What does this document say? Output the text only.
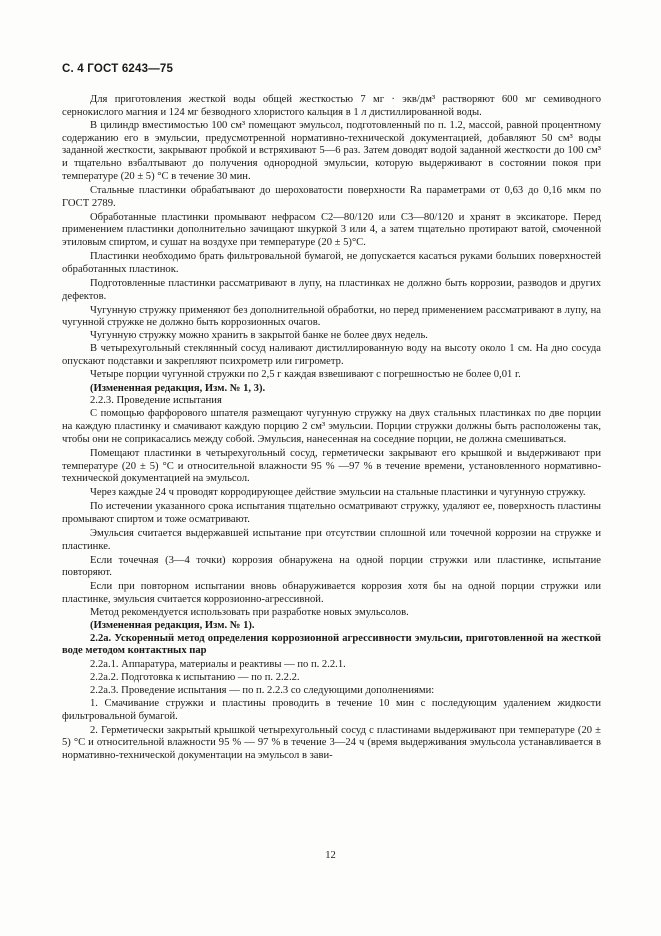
С. 4 ГОСТ 6243—75

Для приготовления жесткой воды общей жесткостью 7 мг · экв/дм³ растворяют 600 мг семиводного сернокислого магния и 124 мг безводного хлористого кальция в 1 л дистиллированной воды.

В цилиндр вместимостью 100 см³ помещают эмульсол, подготовленный по п. 1.2, массой, равной процентному содержанию его в эмульсии, предусмотренной нормативно-технической документацией, добавляют 50 см³ воды заданной жесткости, закрывают пробкой и встряхивают 5—6 раз. Затем доводят водой заданной жесткости до 100 см³ и тщательно взбалтывают до получения однородной эмульсии, которую выдерживают в состоянии покоя при температуре (20 ± 5) °С в течение 30 мин.

Стальные пластинки обрабатывают до шероховатости поверхности Ra параметрами от 0,63 до 0,16 мкм по ГОСТ 2789.

Обработанные пластинки промывают нефрасом С2—80/120 или С3—80/120 и хранят в эксикаторе. Перед применением пластинки дополнительно зачищают шкуркой 3 или 4, а затем тщательно протирают ватой, смоченной этиловым спиртом, и сушат на воздухе при температуре (20 ± 5)°С.

Пластинки необходимо брать фильтровальной бумагой, не допускается касаться руками больших поверхностей обработанных пластинок.

Подготовленные пластинки рассматривают в лупу, на пластинках не должно быть коррозии, разводов и других дефектов.

Чугунную стружку применяют без дополнительной обработки, но перед применением рассматривают в лупу, на чугунной стружке не должно быть коррозионных очагов.

Чугунную стружку можно хранить в закрытой банке не более двух недель.

В четырехугольный стеклянный сосуд наливают дистиллированную воду на высоту около 1 см. На дно сосуда опускают подставки и закрепляют психрометр или гигрометр.

Четыре порции чугунной стружки по 2,5 г каждая взвешивают с погрешностью не более 0,01 г.

(Измененная редакция, Изм. № 1, 3).

2.2.3. Проведение испытания

С помощью фарфорового шпателя размещают чугунную стружку на двух стальных пластинках по две порции на каждую пластинку и смачивают каждую порцию 2 см³ эмульсии. Порции стружки должны быть расположены так, чтобы они не соприкасались между собой. Эмульсия, нанесенная на соседние порции, не должна смешиваться.

Помещают пластинки в четырехугольный сосуд, герметически закрывают его крышкой и выдерживают при температуре (20 ± 5) °С и относительной влажности 95 % —97 % в течение времени, установленного нормативно-технической документацией на эмульсол.

Через каждые 24 ч проводят корродирующее действие эмульсии на стальные пластинки и чугунную стружку.

По истечении указанного срока испытания тщательно осматривают стружку, удаляют ее, поверхность пластины промывают спиртом и тоже осматривают.

Эмульсия считается выдержавшей испытание при отсутствии сплошной или точечной коррозии на стружке и пластинке.

Если точечная (3—4 точки) коррозия обнаружена на одной порции стружки или пластинке, испытание повторяют.

Если при повторном испытании вновь обнаруживается коррозия хотя бы на одной порции стружки или пластинке, эмульсия считается коррозионно-агрессивной.

Метод рекомендуется использовать при разработке новых эмульсолов.

(Измененная редакция, Изм. № 1).

2.2а. Ускоренный метод определения коррозионной агрессивности эмульсии, приготовленной на жесткой воде методом контактных пар

2.2а.1. Аппаратура, материалы и реактивы — по п. 2.2.1.

2.2а.2. Подготовка к испытанию — по п. 2.2.2.

2.2а.3. Проведение испытания — по п. 2.2.3 со следующими дополнениями:

1. Смачивание стружки и пластины проводить в течение 10 мин с последующим удалением жидкости фильтровальной бумагой.

2. Герметически закрытый крышкой четырехугольный сосуд с пластинами выдерживают при температуре (20 ± 5) °С и относительной влажности 95 % — 97 % в течение 3—24 ч (время выдерживания эмульсола устанавливается в нормативно-технической документации на эмульсол в зави-

12
